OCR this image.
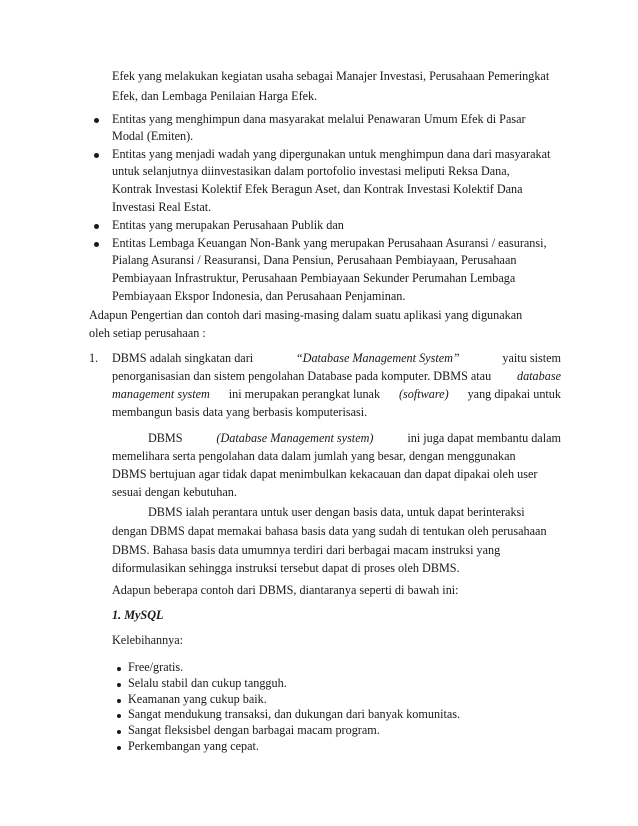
Efek yang melakukan kegiatan usaha sebagai Manajer Investasi, Perusahaan Pemeringkat
Efek, dan Lembaga Penilaian Harga Efek.
Entitas yang menghimpun dana masyarakat melalui Penawaran Umum Efek di Pasar
Modal (Emiten).
Entitas yang menjadi wadah yang dipergunakan untuk menghimpun dana dari masyarakat
untuk selanjutnya diinvestasikan dalam portofolio investasi meliputi Reksa Dana,
Kontrak Investasi Kolektif Efek Beragun Aset, dan Kontrak Investasi Kolektif Dana
Investasi Real Estat.
Entitas yang merupakan Perusahaan Publik dan
Entitas Lembaga Keuangan Non-Bank yang merupakan Perusahaan Asuransi / easuransi,
Pialang Asuransi / Reasuransi, Dana Pensiun, Perusahaan Pembiayaan, Perusahaan
Pembiayaan Infrastruktur, Perusahaan Pembiayaan Sekunder Perumahan Lembaga
Pembiayaan Ekspor Indonesia, dan Perusahaan Penjaminan.
Adapun Pengertian dan contoh dari masing-masing dalam suatu aplikasi yang digunakan
oleh setiap perusahaan :
1. DBMS adalah singkatan dari	“Database Management System”	yaitu sistem
penorganisasian dan sistem pengolahan Database pada komputer. DBMS atau database
management system ini merupakan perangkat lunak (software) yang dipakai untuk
membangun basis data yang berbasis komputerisasi.
DBMS	(Database Management system)	ini juga dapat membantu dalam
memelihara serta pengolahan data dalam jumlah yang besar, dengan menggunakan
DBMS bertujuan agar tidak dapat menimbulkan kekacauan dan dapat dipakai oleh user
sesuai dengan kebutuhan.
DBMS ialah perantara untuk user dengan basis data, untuk dapat berinteraksi
dengan DBMS dapat memakai bahasa basis data yang sudah di tentukan oleh perusahaan
DBMS. Bahasa basis data umumnya terdiri dari berbagai macam instruksi yang
diformulasikan sehingga instruksi tersebut dapat di proses oleh DBMS.
Adapun beberapa contoh dari DBMS, diantaranya seperti di bawah ini:
1. MySQL
Kelebihannya:
Free/gratis.
Selalu stabil dan cukup tangguh.
Keamanan yang cukup baik.
Sangat mendukung transaksi, dan dukungan dari banyak komunitas.
Sangat fleksisbel dengan barbagai macam program.
Perkembangan yang cepat.
